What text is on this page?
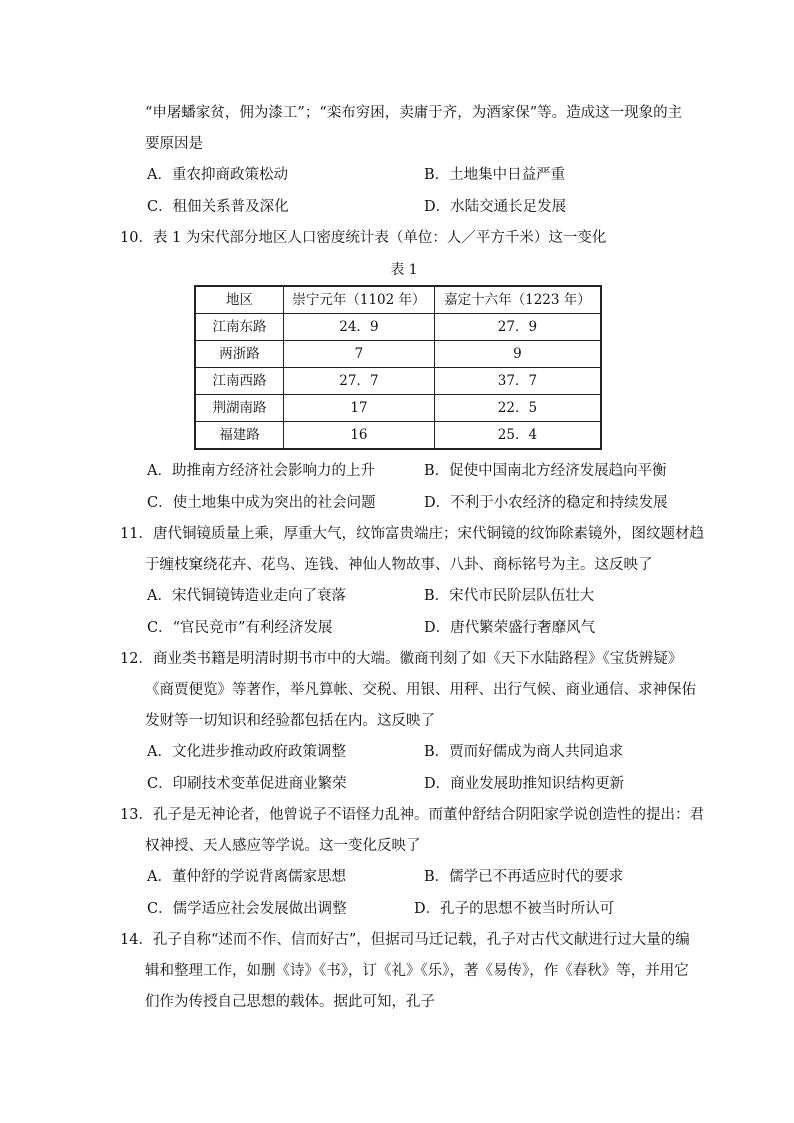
“申屠蟠家贫，佣为漆工”；“栾布穷困，卖庸于齐，为酒家保”等。造成这一现象的主
要原因是
A．重农抑商政策松动	B．土地集中日益严重
C．租佃关系普及深化	D．水陆交通长足发展
10．表 1 为宋代部分地区人口密度统计表（单位：人／平方千米）这一变化
表 1
地区	崇宁元年（1102 年）	嘉定十六年（1223 年）
江南东路	24．9	27．9
两浙路	7	9
江南西路	27．7	37．7
荆湖南路	17	22．5
福建路	16	25．4
A．助推南方经济社会影响力的上升	B．促使中国南北方经济发展趋向平衡
C．使土地集中成为突出的社会问题	D．不利于小农经济的稳定和持续发展
11．唐代铜镜质量上乘，厚重大气，纹饰富贵端庄；宋代铜镜的纹饰除素镜外，图纹题材趋
于缠枝窠绕花卉、花鸟、连钱、神仙人物故事、八卦、商标铭号为主。这反映了
A．宋代铜镜铸造业走向了衰落	B．宋代市民阶层队伍壮大
C．“官民竞市”有利经济发展	D．唐代繁荣盛行奢靡风气
12．商业类书籍是明清时期书市中的大端。徽商刊刻了如《天下水陆路程》《宝货辨疑》
《商贾便览》等著作，举凡算帐、交税、用银、用秤、出行气候、商业通信、求神保佑
发财等一切知识和经验都包括在内。这反映了
A．文化进步推动政府政策调整	B．贾而好儒成为商人共同追求
C．印刷技术变革促进商业繁荣	D．商业发展助推知识结构更新
13．孔子是无神论者，他曾说子不语怪力乱神。而董仲舒结合阴阳家学说创造性的提出：君
权神授、天人感应等学说。这一变化反映了
A．董仲舒的学说背离儒家思想	B．儒学已不再适应时代的要求
C．儒学适应社会发展做出调整	D．孔子的思想不被当时所认可
14．孔子自称“述而不作、信而好古”，但据司马迁记载，孔子对古代文献进行过大量的编
辑和整理工作，如删《诗》《书》，订《礼》《乐》，著《易传》，作《春秋》等，并用它
们作为传授自己思想的载体。据此可知，孔子
